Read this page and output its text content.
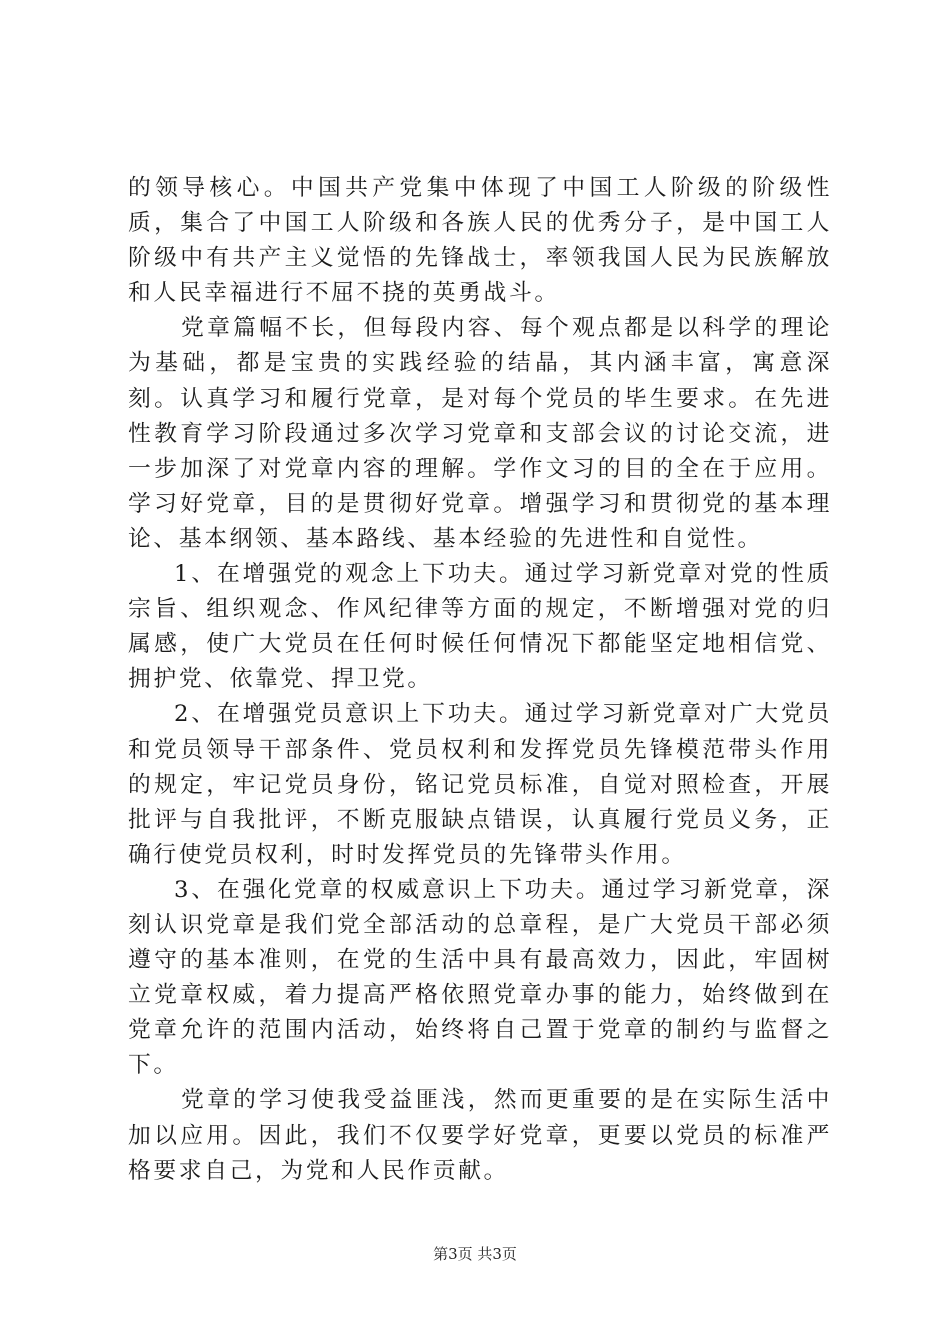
的领导核心。中国共产党集中体现了中国工人阶级的阶级性质，集合了中国工人阶级和各族人民的优秀分子，是中国工人阶级中有共产主义觉悟的先锋战士，率领我国人民为民族解放和人民幸福进行不屈不挠的英勇战斗。

党章篇幅不长，但每段内容、每个观点都是以科学的理论为基础，都是宝贵的实践经验的结晶，其内涵丰富，寓意深刻。认真学习和履行党章，是对每个党员的毕生要求。在先进性教育学习阶段通过多次学习党章和支部会议的讨论交流，进一步加深了对党章内容的理解。学作文习的目的全在于应用。学习好党章，目的是贯彻好党章。增强学习和贯彻党的基本理论、基本纲领、基本路线、基本经验的先进性和自觉性。

1、在增强党的观念上下功夫。通过学习新党章对党的性质宗旨、组织观念、作风纪律等方面的规定，不断增强对党的归属感，使广大党员在任何时候任何情况下都能坚定地相信党、拥护党、依靠党、捍卫党。

2、在增强党员意识上下功夫。通过学习新党章对广大党员和党员领导干部条件、党员权利和发挥党员先锋模范带头作用的规定，牢记党员身份，铭记党员标准，自觉对照检查，开展批评与自我批评，不断克服缺点错误，认真履行党员义务，正确行使党员权利，时时发挥党员的先锋带头作用。

3、在强化党章的权威意识上下功夫。通过学习新党章，深刻认识党章是我们党全部活动的总章程，是广大党员干部必须遵守的基本准则，在党的生活中具有最高效力，因此，牢固树立党章权威，着力提高严格依照党章办事的能力，始终做到在党章允许的范围内活动，始终将自己置于党章的制约与监督之下。

党章的学习使我受益匪浅，然而更重要的是在实际生活中加以应用。因此，我们不仅要学好党章，更要以党员的标准严格要求自己，为党和人民作贡献。

第3页 共3页
